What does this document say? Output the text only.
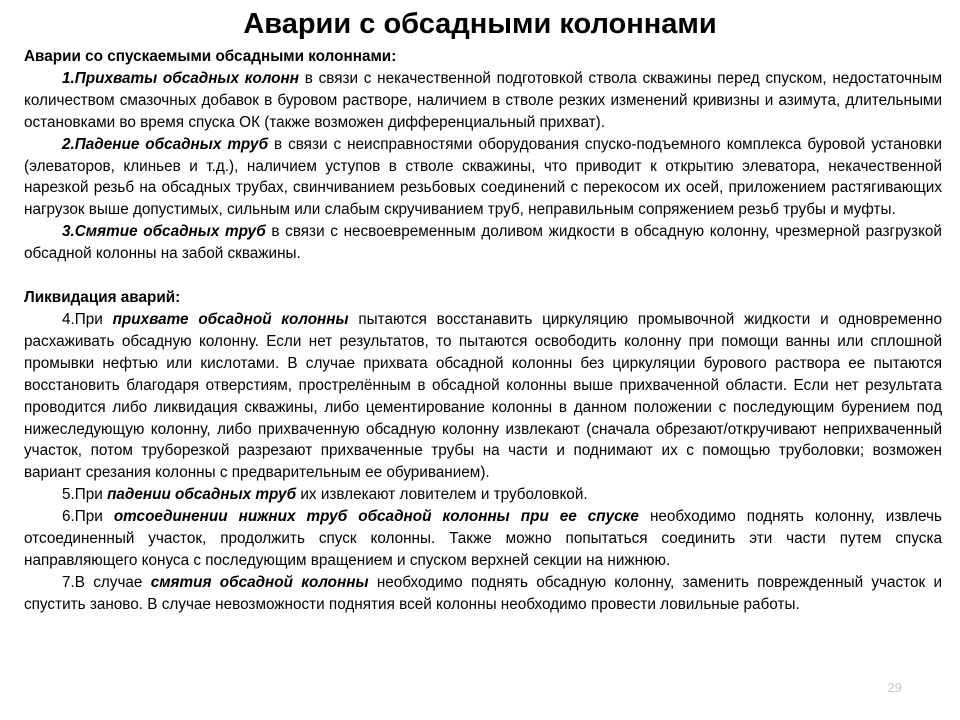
Аварии с обсадными колоннами

Аварии со спускаемыми обсадными колоннами:

1.Прихваты обсадных колонн в связи с некачественной подготовкой ствола скважины перед спуском, недостаточным количеством смазочных добавок в буровом растворе, наличием в стволе резких изменений кривизны и азимута, длительными остановками во время спуска ОК (также возможен дифференциальный прихват).

2.Падение обсадных труб в связи с неисправностями оборудования спуско-подъемного комплекса буровой установки (элеваторов, клиньев и т.д.), наличием уступов в стволе скважины, что приводит к открытию элеватора, некачественной нарезкой резьб на обсадных трубах, свинчиванием резьбовых соединений с перекосом их осей, приложением растягивающих нагрузок выше допустимых, сильным или слабым скручиванием труб, неправильным сопряжением резьб трубы и муфты.

3.Смятие обсадных труб в связи с несвоевременным доливом жидкости в обсадную колонну, чрезмерной разгрузкой обсадной колонны на забой скважины.

Ликвидация аварий:

4.При прихвате обсадной колонны пытаются восстанавить циркуляцию промывочной жидкости и одновременно расхаживать обсадную колонну. Если нет результатов, то пытаются освободить колонну при помощи ванны или сплошной промывки нефтью или кислотами. В случае прихвата обсадной колонны без циркуляции бурового раствора ее пытаются восстановить благодаря отверстиям, прострелённым в обсадной колонны выше прихваченной области. Если нет результата проводится либо ликвидация скважины, либо цементирование колонны в данном положении с последующим бурением под нижеследующую колонну, либо прихваченную обсадную колонну извлекают (сначала обрезают/откручивают неприхваченный участок, потом труборезкой разрезают прихваченные трубы на части и поднимают их с помощью труболовки; возможен вариант срезания колонны с предварительным ее обуриванием).

5.При падении обсадных труб их извлекают ловителем и труболовкой.

6.При отсоединении нижних труб обсадной колонны при ее спуске необходимо поднять колонну, извлечь отсоединенный участок, продолжить спуск колонны. Также можно попытаться соединить эти части путем спуска направляющего конуса с последующим вращением и спуском верхней секции на нижнюю.

7.В случае смятия обсадной колонны необходимо поднять обсадную колонну, заменить поврежденный участок и спустить заново. В случае невозможности поднятия всей колонны необходимо провести ловильные работы.

29
